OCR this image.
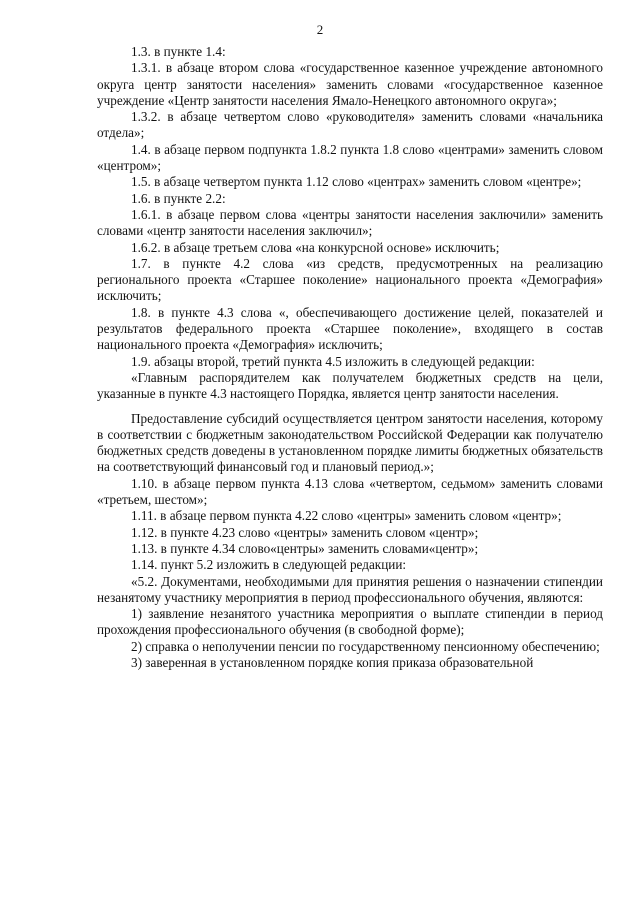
2

1.3. в пункте 1.4:

1.3.1. в абзаце втором слова «государственное казенное учреждение автономного округа центр занятости населения» заменить словами «государственное казенное учреждение «Центр занятости населения Ямало-Ненецкого автономного округа»;

1.3.2. в абзаце четвертом слово «руководителя» заменить словами «начальника отдела»;

1.4. в абзаце первом подпункта 1.8.2 пункта 1.8 слово «центрами» заменить словом «центром»;

1.5. в абзаце четвертом пункта 1.12 слово «центрах» заменить словом «центре»;

1.6. в пункте 2.2:

1.6.1. в абзаце первом слова «центры занятости населения заключили» заменить словами «центр занятости населения заключил»;

1.6.2. в абзаце третьем слова «на конкурсной основе» исключить;

1.7. в пункте 4.2 слова «из средств, предусмотренных на реализацию регионального проекта «Старшее поколение» национального проекта «Демография» исключить;

1.8. в пункте 4.3 слова «, обеспечивающего достижение целей, показателей и результатов федерального проекта «Старшее поколение», входящего в состав национального проекта «Демография» исключить;

1.9. абзацы второй, третий пункта 4.5 изложить в следующей редакции:

«Главным распорядителем как получателем бюджетных средств на цели, указанные в пункте 4.3 настоящего Порядка, является центр занятости населения.

Предоставление субсидий осуществляется центром занятости населения, которому в соответствии с бюджетным законодательством Российской Федерации как получателю бюджетных средств доведены в установленном порядке лимиты бюджетных обязательств на соответствующий финансовый год и плановый период.»;

1.10. в абзаце первом пункта 4.13 слова «четвертом, седьмом» заменить словами «третьем, шестом»;

1.11. в абзаце первом пункта 4.22 слово «центры» заменить словом «центр»;

1.12. в пункте 4.23 слово «центры» заменить словом «центр»;

1.13. в пункте 4.34 слово«центры» заменить словами«центр»;

1.14. пункт 5.2 изложить в следующей редакции:

«5.2. Документами, необходимыми для принятия решения о назначении стипендии незанятому участнику мероприятия в период профессионального обучения, являются:

1) заявление незанятого участника мероприятия о выплате стипендии в период прохождения профессионального обучения (в свободной форме);

2) справка о неполучении пенсии по государственному пенсионному обеспечению;

3) заверенная в установленном порядке копия приказа образовательной
